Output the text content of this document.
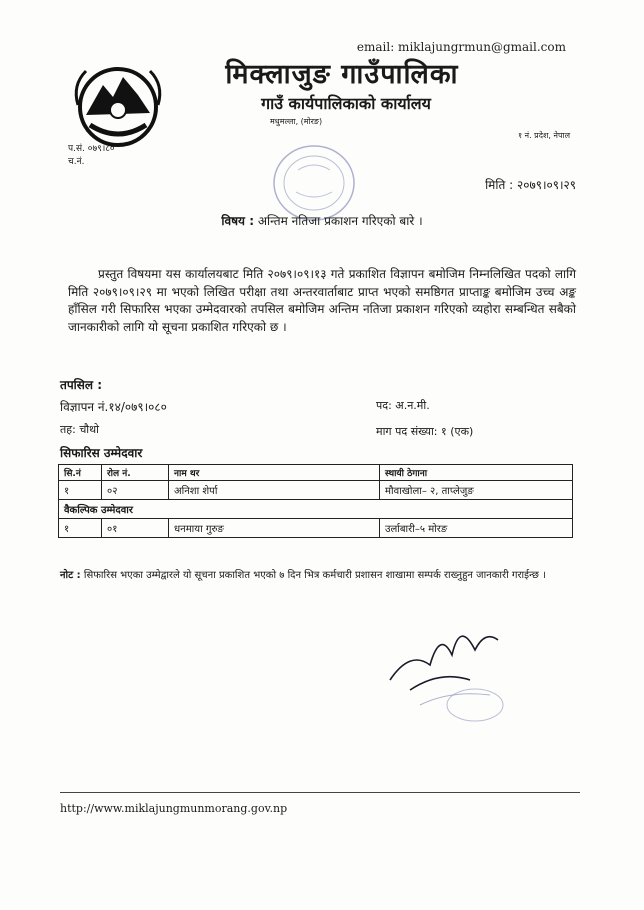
email: miklajungrmun@gmail.com
मिक्लाजुङ गाउँपालिका
गाउँ कार्यपालिकाको कार्यालय
मधुमल्ला, (मोरङ)
१ नं. प्रदेश, नेपाल
प.सं. ०७९।८०
च.नं.
मिति : २०७९।०९।२९
विषय : अन्तिम नतिजा प्रकाशन गरिएको बारे ।
प्रस्तुत विषयमा यस कार्यालयबाट मिति २०७९।०९।१३ गते प्रकाशित विज्ञापन बमोजिम निम्नलिखित पदको लागि मिति २०७९।०९।२९ मा भएको लिखित परीक्षा तथा अन्तरवार्ताबाट प्राप्त भएको समष्ठिगत प्राप्ताङ्क बमोजिम उच्च अङ्क हाँसिल गरी सिफारिस भएका उम्मेदवारको तपसिल बमोजिम अन्तिम नतिजा प्रकाशन गरिएको व्यहोरा सम्बन्धित सबैको जानकारीको लागि यो सूचना प्रकाशित गरिएको छ ।
तपसिल :
विज्ञापन नं.१४/०७९।०८०	पद: अ.न.मी.
तह: चौथो	माग पद संख्या: १ (एक)
सिफारिस उम्मेदवार
सि.नं	रोल नं.	नाम थर	स्थायी ठेगाना
१	०२	अनिशा शेर्पा	मौवाखोला– २, ताप्लेजुङ
वैकल्पिक उम्मेदवार			
१	०१	धनमाया गुरुङ	उर्लाबारी–५ मोरङ
नोट : सिफारिस भएका उम्मेद्वारले यो सूचना प्रकाशित भएको ७ दिन भित्र कर्मचारी प्रशासन शाखामा सम्पर्क राख्नुहुन जानकारी गराईन्छ ।
http://www.miklajungmunmorang.gov.np
